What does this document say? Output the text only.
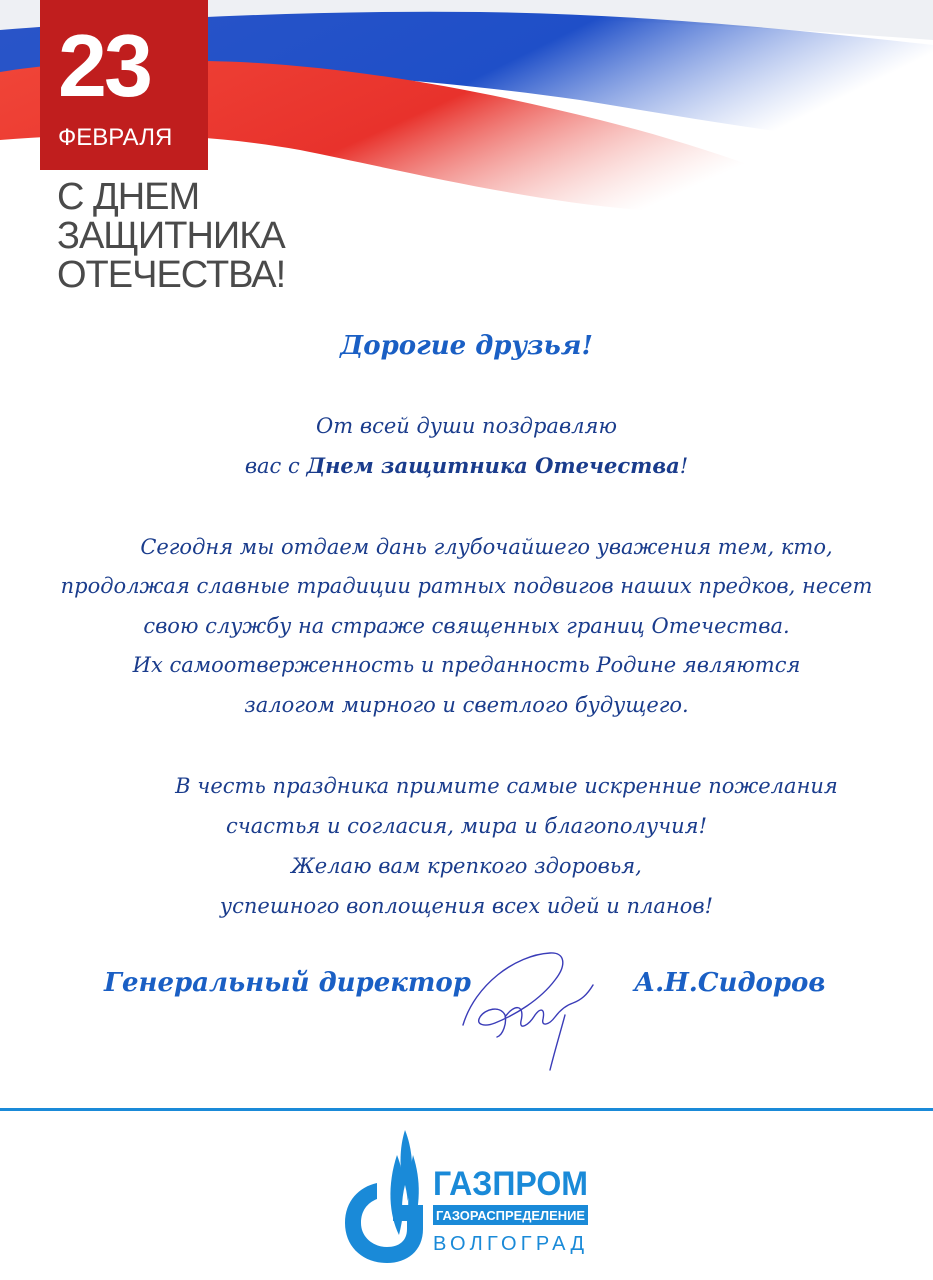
23
ФЕВРАЛЯ
С ДНЕМ
ЗАЩИТНИКА
ОТЕЧЕСТВА!
Дорогие друзья!
От всей души поздравляю
вас с Днем защитника Отечества!
Сегодня мы отдаем дань глубочайшего уважения тем, кто,
продолжая славные традиции ратных подвигов наших предков, несет
свою службу на страже священных границ Отечества.
Их самоотверженность и преданность Родине являются
залогом мирного и светлого будущего.
В честь праздника примите самые искренние пожелания
счастья и согласия, мира и благополучия!
Желаю вам крепкого здоровья,
успешного воплощения всех идей и планов!
Генеральный директор	А.Н.Сидоров
ГАЗПРОМ
ГАЗОРАСПРЕДЕЛЕНИЕ
ВОЛГОГРАД
